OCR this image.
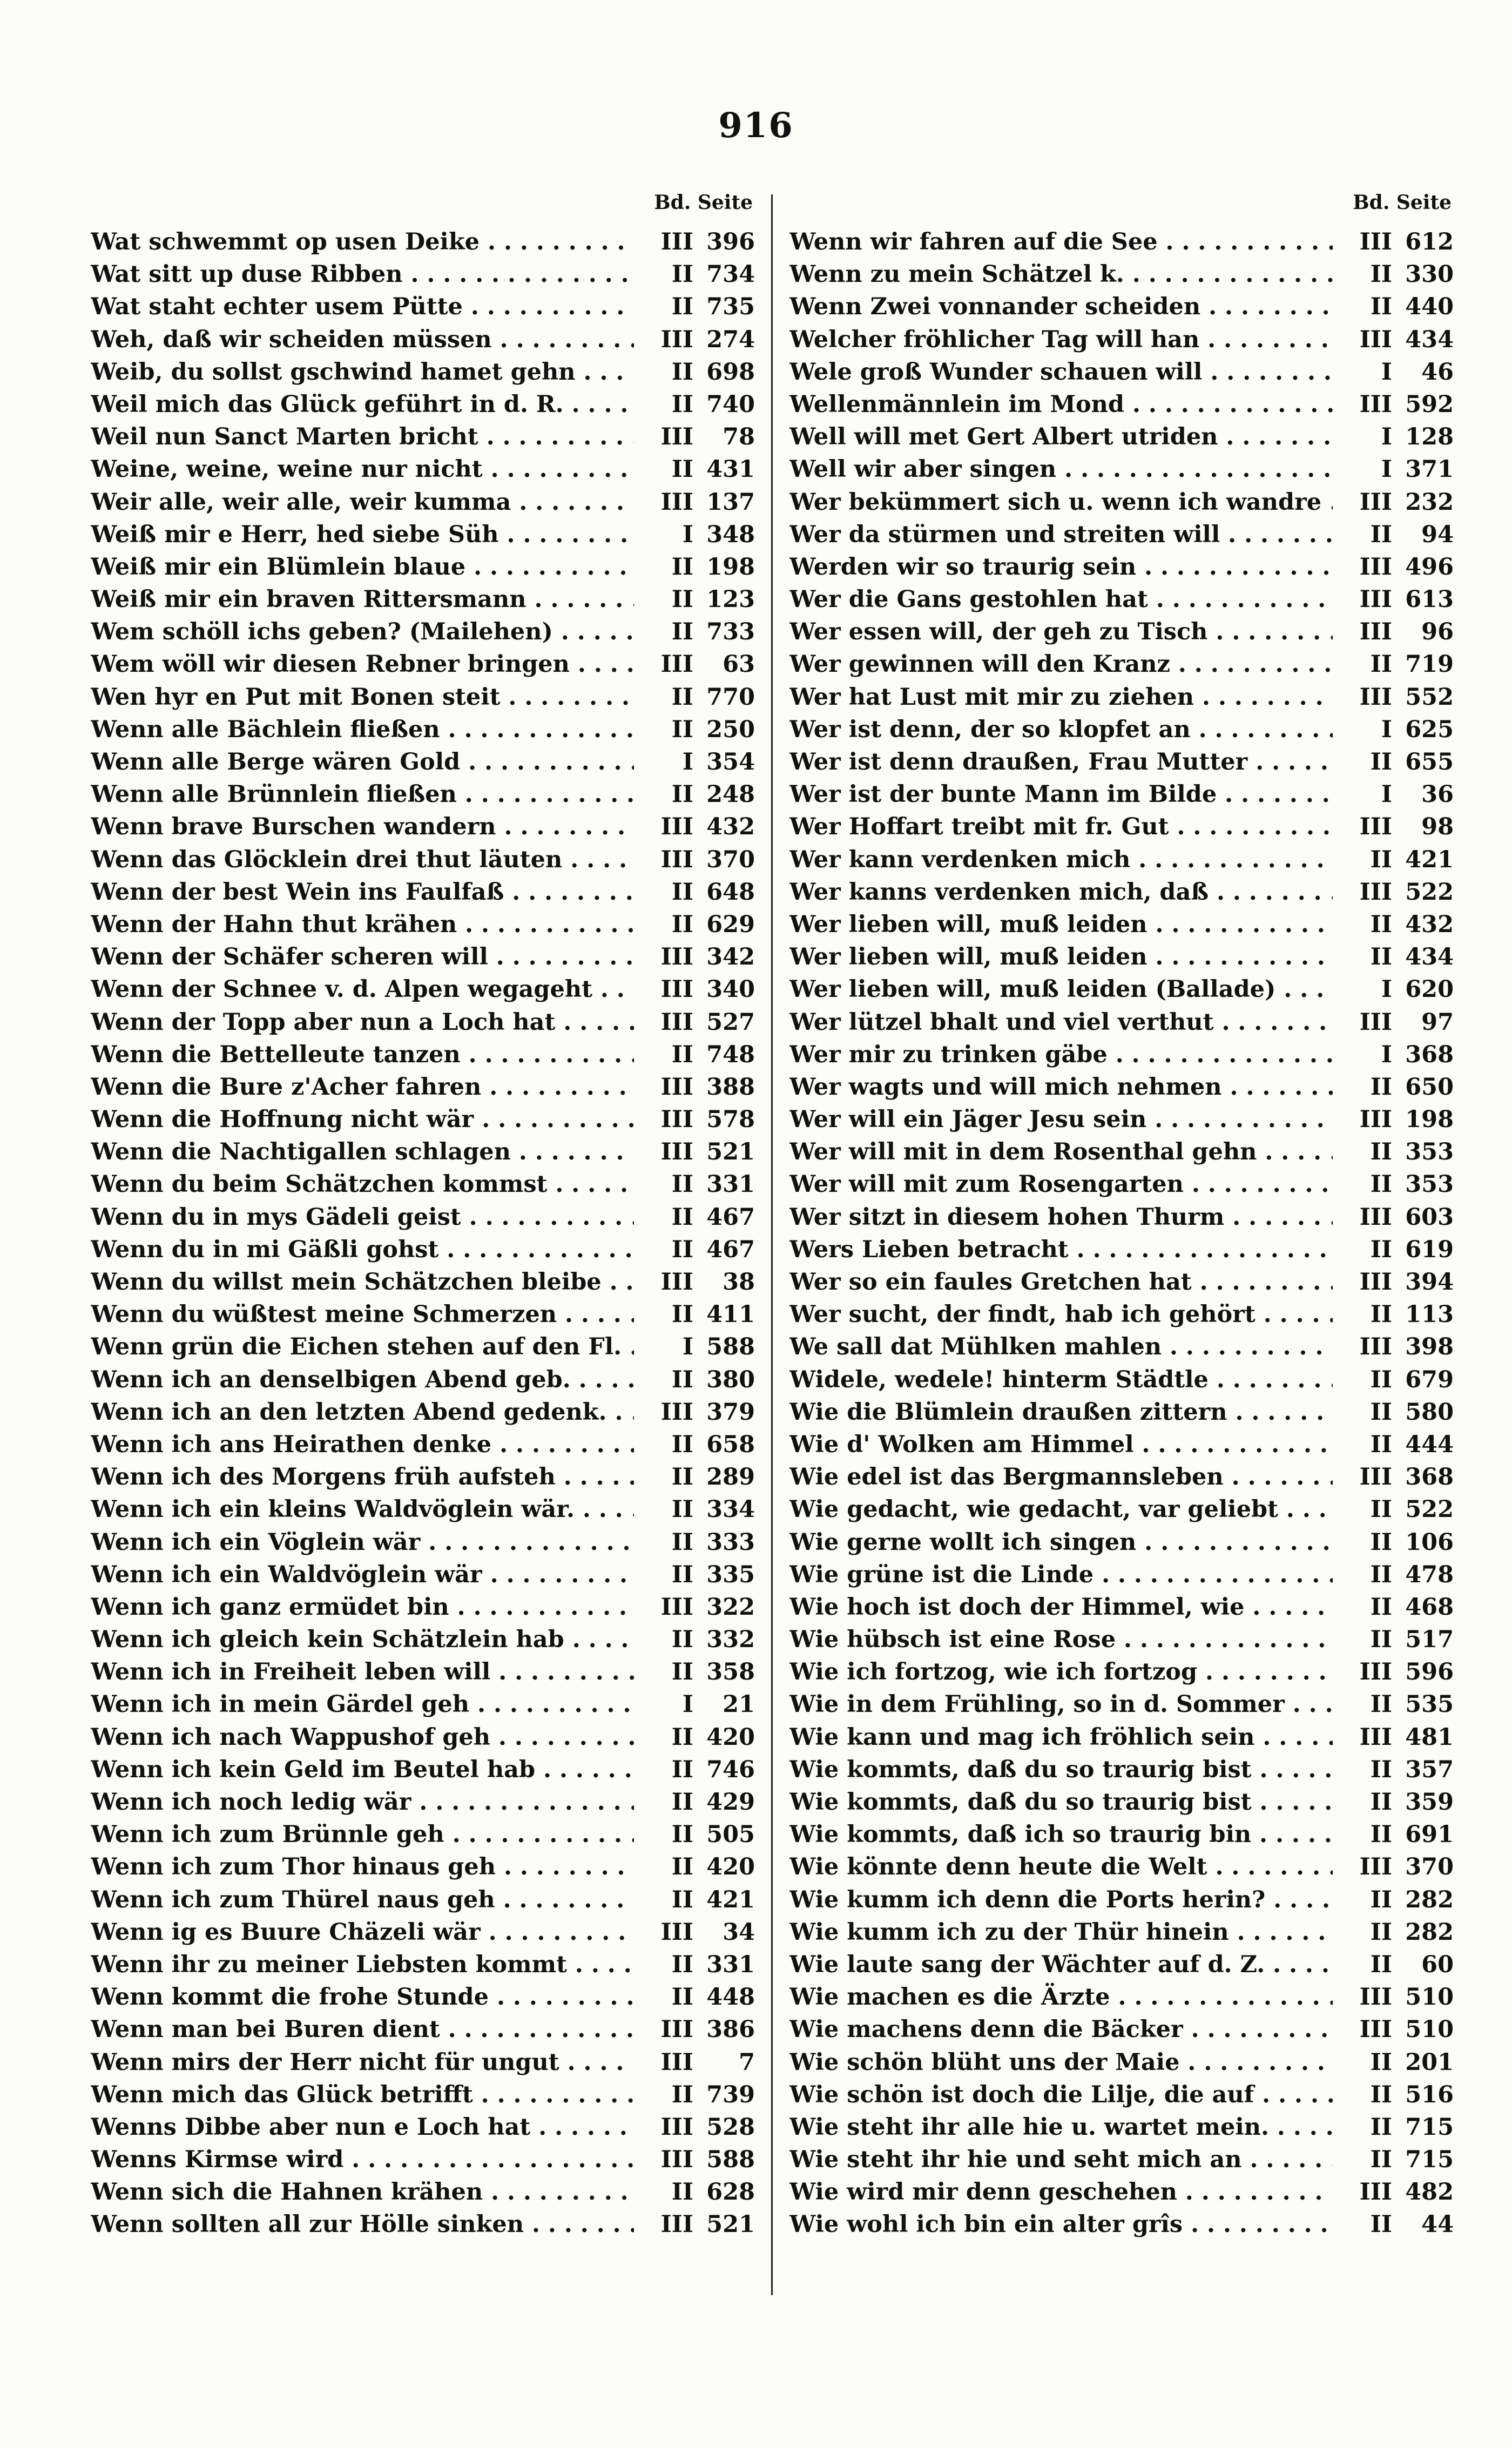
916
Bd. Seite
Wat schwemmt op usen Deike . . .	III 396
Wat sitt up duse Ribben . . .	II 734
Wat staht echter usem Pütte . . .	II 735
Weh, daß wir scheiden müssen . . .	III 274
Weib, du sollst gschwind hamet gehn . . .	II 698
Weil mich das Glück geführt in d. R. . . .	II 740
Weil nun Sanct Marten bricht . . .	III	78
Weine, weine, weine nur nicht . . .	II 431
Weir alle, weir alle, weir kumma . . .	III 137
Weiß mir e Herr, hed siebe Süh . . .	I 348
Weiß mir ein Blümlein blaue . . .	II 198
Weiß mir ein braven Rittersmann . . .	II 123
Wem schöll ichs geben? (Mailehen) . . .	II 733
Wem wöll wir diesen Rebner bringen . . .	III	63
Wen hyr en Put mit Bonen steit . . .	II 770
Wenn alle Bächlein fließen . . .	II 250
Wenn alle Berge wären Gold . . .	I 354
Wenn alle Brünnlein fließen . . .	II 248
Wenn brave Burschen wandern . . .	III 432
Wenn das Glöcklein drei thut läuten . . .	III 370
Wenn der best Wein ins Faulfaß . . .	II 648
Wenn der Hahn thut krähen . . .	II 629
Wenn der Schäfer scheren will . . .	III 342
Wenn der Schnee v. d. Alpen wegageht . . .	III 340
Wenn der Topp aber nun a Loch hat . . .	III 527
Wenn die Bettelleute tanzen . . .	II 748
Wenn die Bure z'Acher fahren . . .	III 388
Wenn die Hoffnung nicht wär . . .	III 578
Wenn die Nachtigallen schlagen . . .	III 521
Wenn du beim Schätzchen kommst . . .	II 331
Wenn du in mys Gädeli geist . . .	II 467
Wenn du in mi Gäßli gohst . . .	II 467
Wenn du willst mein Schätzchen bleibe . . .	III	38
Wenn du wüßtest meine Schmerzen . . .	II 411
Wenn grün die Eichen stehen auf den Fl. . . .	I 588
Wenn ich an denselbigen Abend geb. . . .	II 380
Wenn ich an den letzten Abend gedenk. . . .	III 379
Wenn ich ans Heirathen denke . . .	II 658
Wenn ich des Morgens früh aufsteh . . .	II 289
Wenn ich ein kleins Waldvöglein wär. . . .	II 334
Wenn ich ein Vöglein wär . . .	II 333
Wenn ich ein Waldvöglein wär . . .	II 335
Wenn ich ganz ermüdet bin . . .	III 322
Wenn ich gleich kein Schätzlein hab . . .	II 332
Wenn ich in Freiheit leben will . . .	II 358
Wenn ich in mein Gärdel geh . . .	I	21
Wenn ich nach Wappushof geh . . .	II 420
Wenn ich kein Geld im Beutel hab . . .	II 746
Wenn ich noch ledig wär . . .	II 429
Wenn ich zum Brünnle geh . . .	II 505
Wenn ich zum Thor hinaus geh . . .	II 420
Wenn ich zum Thürel naus geh . . .	II 421
Wenn ig es Buure Chäzeli wär . . .	III	34
Wenn ihr zu meiner Liebsten kommt . . .	II 331
Wenn kommt die frohe Stunde . . .	II 448
Wenn man bei Buren dient . . .	III 386
Wenn mirs der Herr nicht für ungut . . .	III	7
Wenn mich das Glück betrifft . . .	II 739
Wenns Dibbe aber nun e Loch hat . . .	III 528
Wenns Kirmse wird . . .	III 588
Wenn sich die Hahnen krähen . . .	II 628
Wenn sollten all zur Hölle sinken . . .	III 521
Bd. Seite
Wenn wir fahren auf die See . . .	III 612
Wenn zu mein Schätzel k. . . .	II 330
Wenn Zwei vonnander scheiden . . .	II 440
Welcher fröhlicher Tag will han . . .	III 434
Wele groß Wunder schauen will . . .	I	46
Wellenmännlein im Mond . . .	III 592
Well will met Gert Albert utriden . . .	I 128
Well wir aber singen . . .	I 371
Wer bekümmert sich u. wenn ich wandre . . .	III 232
Wer da stürmen und streiten will . . .	II	94
Werden wir so traurig sein . . .	III 496
Wer die Gans gestohlen hat . . .	III 613
Wer essen will, der geh zu Tisch . . .	III	96
Wer gewinnen will den Kranz . . .	II 719
Wer hat Lust mit mir zu ziehen . . .	III 552
Wer ist denn, der so klopfet an . . .	I 625
Wer ist denn draußen, Frau Mutter . . .	II 655
Wer ist der bunte Mann im Bilde . . .	I	36
Wer Hoffart treibt mit fr. Gut . . .	III	98
Wer kann verdenken mich . . .	II 421
Wer kanns verdenken mich, daß . . .	III 522
Wer lieben will, muß leiden . . .	II 432
Wer lieben will, muß leiden . . .	II 434
Wer lieben will, muß leiden (Ballade) . . .	I 620
Wer lützel bhalt und viel verthut . . .	III	97
Wer mir zu trinken gäbe . . .	I 368
Wer wagts und will mich nehmen . . .	II 650
Wer will ein Jäger Jesu sein . . .	III 198
Wer will mit in dem Rosenthal gehn . . .	II 353
Wer will mit zum Rosengarten . . .	II 353
Wer sitzt in diesem hohen Thurm . . .	III 603
Wers Lieben betracht . . .	II 619
Wer so ein faules Gretchen hat . . .	III 394
Wer sucht, der findt, hab ich gehört . . .	II 113
We sall dat Mühlken mahlen . . .	III 398
Widele, wedele! hinterm Städtle . . .	II 679
Wie die Blümlein draußen zittern . . .	II 580
Wie d' Wolken am Himmel . . .	II 444
Wie edel ist das Bergmannsleben . . .	III 368
Wie gedacht, wie gedacht, var geliebt . . .	II 522
Wie gerne wollt ich singen . . .	II 106
Wie grüne ist die Linde . . .	II 478
Wie hoch ist doch der Himmel, wie . . .	II 468
Wie hübsch ist eine Rose . . .	II 517
Wie ich fortzog, wie ich fortzog . . .	III 596
Wie in dem Frühling, so in d. Sommer . . .	II 535
Wie kann und mag ich fröhlich sein . . .	III 481
Wie kommts, daß du so traurig bist . . .	II 357
Wie kommts, daß du so traurig bist . . .	II 359
Wie kommts, daß ich so traurig bin . . .	II 691
Wie könnte denn heute die Welt . . .	III 370
Wie kumm ich denn die Ports herin? . . .	II 282
Wie kumm ich zu der Thür hinein . . .	II 282
Wie laute sang der Wächter auf d. Z. . . .	II	60
Wie machen es die Ärzte . . .	III 510
Wie machens denn die Bäcker . . .	III 510
Wie schön blüht uns der Maie . . .	II 201
Wie schön ist doch die Lilje, die auf . . .	II 516
Wie steht ihr alle hie u. wartet mein. . . .	II 715
Wie steht ihr hie und seht mich an . . .	II 715
Wie wird mir denn geschehen . . .	III 482
Wie wohl ich bin ein alter grîs . . .	II	44
